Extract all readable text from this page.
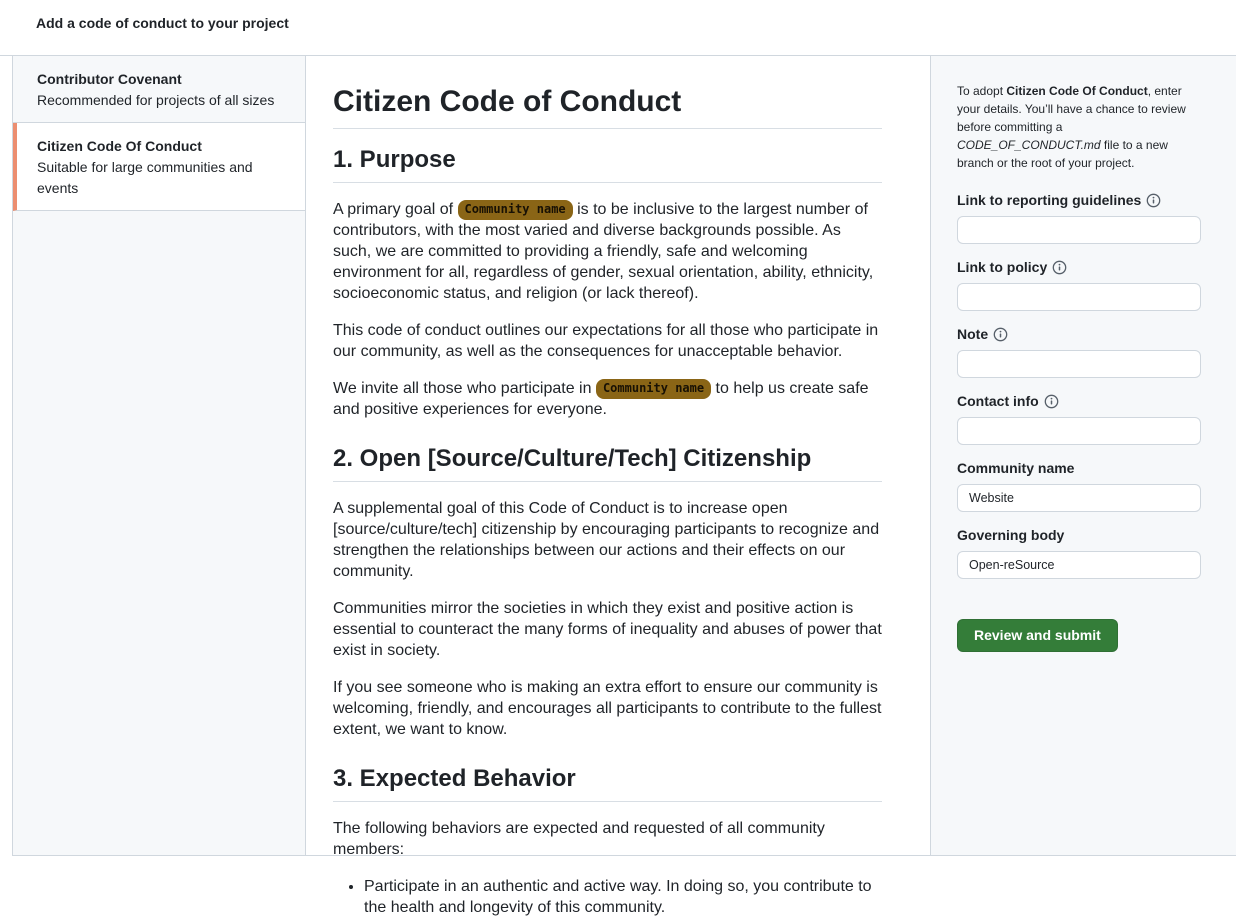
Add a code of conduct to your project
Contributor Covenant
Recommended for projects of all sizes
Citizen Code Of Conduct
Suitable for large communities and events
Citizen Code of Conduct
1. Purpose

A primary goal of Community name is to be inclusive to the largest number of contributors, with the most varied and diverse backgrounds possible. As such, we are committed to providing a friendly, safe and welcoming environment for all, regardless of gender, sexual orientation, ability, ethnicity, socioeconomic status, and religion (or lack thereof).

This code of conduct outlines our expectations for all those who participate in our community, as well as the consequences for unacceptable behavior.

We invite all those who participate in Community name to help us create safe and positive experiences for everyone.

2. Open [Source/Culture/Tech] Citizenship

A supplemental goal of this Code of Conduct is to increase open [source/culture/tech] citizenship by encouraging participants to recognize and strengthen the relationships between our actions and their effects on our community.

Communities mirror the societies in which they exist and positive action is essential to counteract the many forms of inequality and abuses of power that exist in society.

If you see someone who is making an extra effort to ensure our community is welcoming, friendly, and encourages all participants to contribute to the fullest extent, we want to know.

3. Expected Behavior

The following behaviors are expected and requested of all community members:

• Participate in an authentic and active way. In doing so, you contribute to the health and longevity of this community.

To adopt Citizen Code Of Conduct, enter your details. You’ll have a chance to review before committing a CODE_OF_CONDUCT.md file to a new branch or the root of your project.

Link to reporting guidelines
Link to policy
Note
Contact info
Community name
Website
Governing body
Open-reSource
Review and submit
